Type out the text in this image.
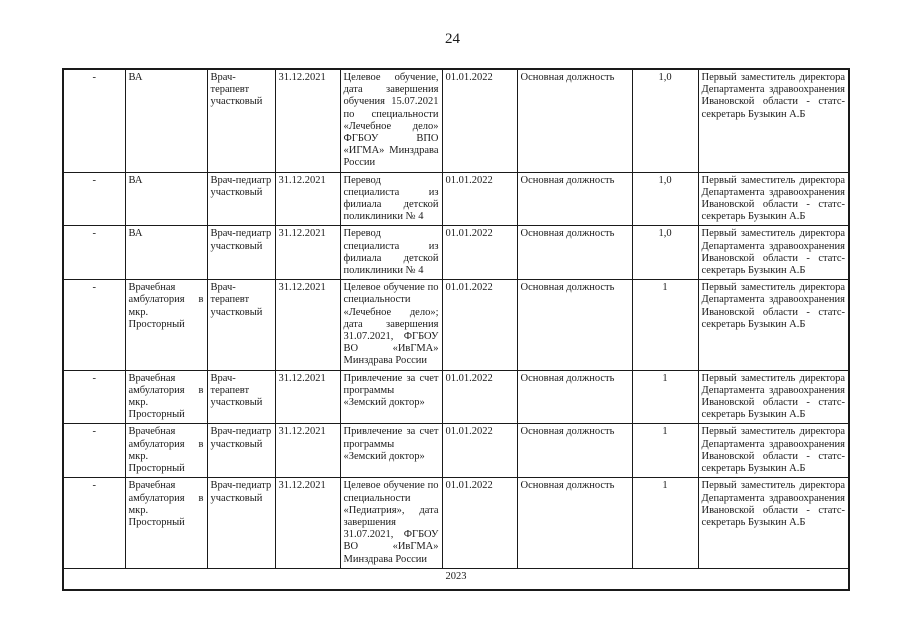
24
-	ВА	Врач-терапевт участковый	31.12.2021	Целевое обучение, дата завершения обучения 15.07.2021 по специальности «Лечебное дело» ФГБОУ ВПО «ИГМА» Минздрава России	01.01.2022	Основная должность	1,0	Первый заместитель директора Департамента здравоохранения Ивановской области - статс-секретарь Бузыкин А.Б
-	ВА	Врач-педиатр участковый	31.12.2021	Перевод специалиста из филиала детской поликлиники № 4	01.01.2022	Основная должность	1,0	Первый заместитель директора Департамента здравоохранения Ивановской области - статс-секретарь Бузыкин А.Б
-	ВА	Врач-педиатр участковый	31.12.2021	Перевод специалиста из филиала детской поликлиники № 4	01.01.2022	Основная должность	1,0	Первый заместитель директора Департамента здравоохранения Ивановской области - статс-секретарь Бузыкин А.Б
-	Врачебная амбулатория в мкр. Просторный	Врач-терапевт участковый	31.12.2021	Целевое обучение по специальности «Лечебное дело»; дата завершения 31.07.2021, ФГБОУ ВО «ИвГМА» Минздрава России	01.01.2022	Основная должность	1	Первый заместитель директора Департамента здравоохранения Ивановской области - статс-секретарь Бузыкин А.Б
-	Врачебная амбулатория в мкр. Просторный	Врач-терапевт участковый	31.12.2021	Привлечение за счет программы «Земский доктор»	01.01.2022	Основная должность	1	Первый заместитель директора Департамента здравоохранения Ивановской области - статс-секретарь Бузыкин А.Б
-	Врачебная амбулатория в мкр. Просторный	Врач-педиатр участковый	31.12.2021	Привлечение за счет программы «Земский доктор»	01.01.2022	Основная должность	1	Первый заместитель директора Департамента здравоохранения Ивановской области - статс-секретарь Бузыкин А.Б
-	Врачебная амбулатория в мкр. Просторный	Врач-педиатр участковый	31.12.2021	Целевое обучение по специальности «Педиатрия», дата завершения 31.07.2021, ФГБОУ ВО «ИвГМА» Минздрава России	01.01.2022	Основная должность	1	Первый заместитель директора Департамента здравоохранения Ивановской области - статс-секретарь Бузыкин А.Б
2023								
